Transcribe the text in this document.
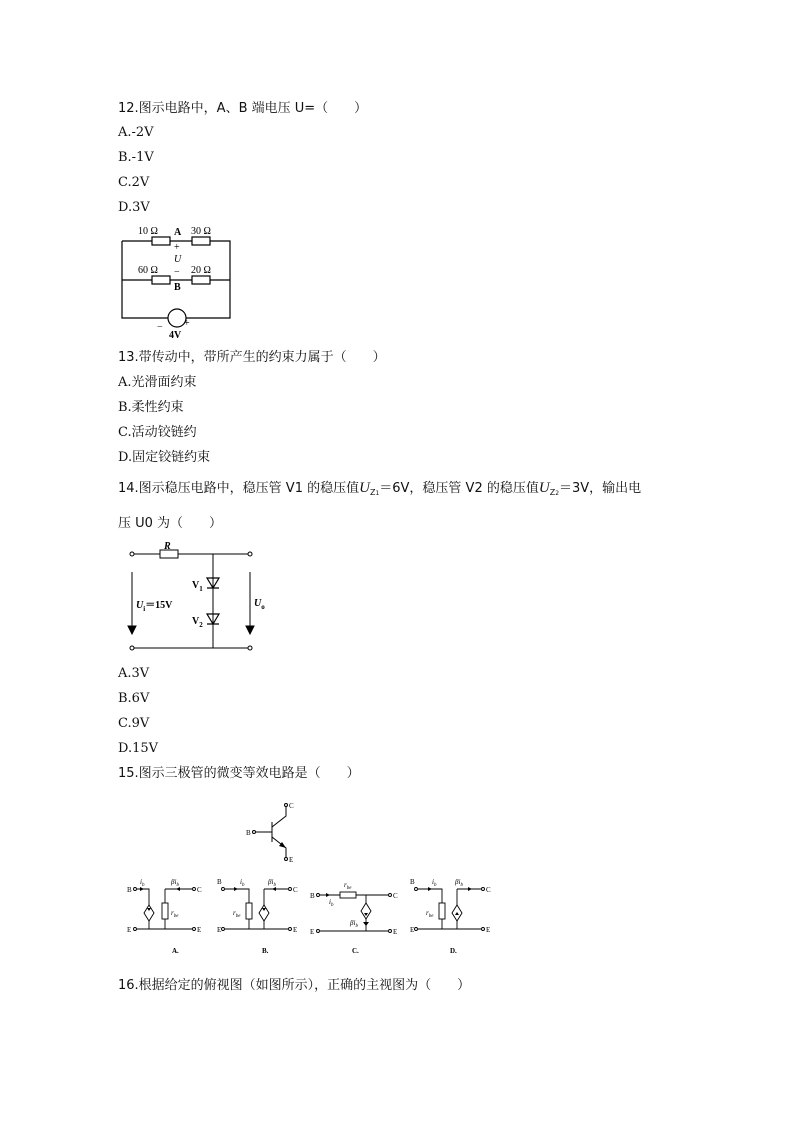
12.图示电路中，A、B 端电压 U=（　　）
A.-2V
B.-1V
C.2V
D.3V
10 Ω	30 Ω
60 Ω	20 Ω
A
+
U
−
B
− +
4V
13.带传动中，带所产生的约束力属于（　　）
A.光滑面约束
B.柔性约束
C.活动铰链约
D.固定铰链约束
14.图示稳压电路中，稳压管 V1 的稳压值$U_{Z1}=6V$，稳压管 V2 的稳压值$U_{Z2}=3V$，输出电
压 U0 为（　　）
R
$U_i=15V$	$U_o$
$V_1$
$V_2$
A.3V
B.6V
C.9V
D.15V
15.图示三极管的微变等效电路是（　　）
B
C
E
B	C
E	E
$i_b$	$\beta i_b$
$r_{be}$
A.
B
C
E	E
$i_b$	$\beta i_b$
$r_{be}$
B.
B	C
E	E
$i_b$
$r_{be}$
$\beta i_b$
C.
B
C
E	E
$i_b$	$\beta i_b$
$r_{be}$
D.
16.根据给定的俯视图（如图所示），正确的主视图为（　　）
